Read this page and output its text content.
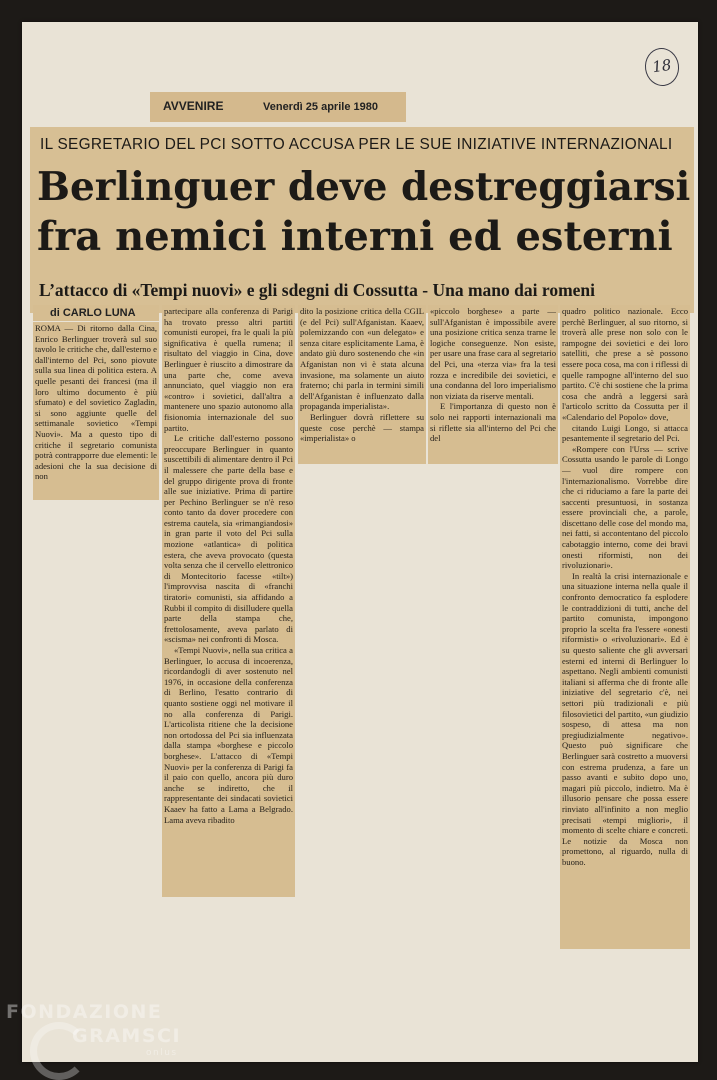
18
AVVENIRE	Venerdì 25 aprile 1980
IL SEGRETARIO DEL PCI SOTTO ACCUSA PER LE SUE INIZIATIVE INTERNAZIONALI
Berlinguer deve destreggiarsi
fra nemici interni ed esterni
L’attacco di «Tempi nuovi» e gli sdegni di Cossutta - Una mano dai romeni
di CARLO LUNA

ROMA — Di ritorno dalla Cina, Enrico Berlinguer troverà sul suo tavolo le critiche che, dall'esterno e dall'interno del Pci, sono piovute sulla sua linea di politica estera. A quelle pesanti dei francesi (ma il loro ultimo documento è più sfumato) e del sovietico Zagladin, si sono aggiunte quelle del settimanale sovietico «Tempi Nuovi». Ma a questo tipo di critiche il segretario comunista potrà contrapporre due elementi: le adesioni che la sua decisione di non

partecipare alla conferenza di Parigi ha trovato presso altri partiti comunisti europei, fra le quali la più significativa è quella rumena; il risultato del viaggio in Cina, dove Berlinguer è riuscito a dimostrare da una parte che, come aveva annunciato, quel viaggio non era «contro» i sovietici, dall'altra a mantenere uno spazio autonomo alla fisionomia internazionale del suo partito.

Le critiche dall'esterno possono preoccupare Berlinguer in quanto suscettibili di alimentare dentro il Pci il malessere che parte della base e del gruppo dirigente prova di fronte alle sue iniziative. Prima di partire per Pechino Berlinguer se n'è reso conto tanto da dover procedere con estrema cautela, sia «rimangiandosi» in gran parte il voto del Pci sulla mozione «atlantica» di politica estera, che aveva provocato (questa volta senza che il cervello elettronico di Montecitorio facesse «tilt») l'improvvisa nascita di «franchi tiratori» comunisti, sia affidando a Rubbi il compito di disilludere quella parte della stampa che, frettolosamente, aveva parlato di «scisma» nei confronti di Mosca.

«Tempi Nuovi», nella sua critica a Berlinguer, lo accusa di incoerenza, ricordandogli di aver sostenuto nel 1976, in occasione della conferenza di Berlino, l'esatto contrario di quanto sostiene oggi nel motivare il no alla conferenza di Parigi. L'articolista ritiene che la decisione non ortodossa del Pci sia influenzata dalla stampa «borghese e piccolo borghese». L'attacco di «Tempi Nuovi» per la conferenza di Parigi fa il paio con quello, ancora più duro anche se indiretto, che il rappresentante dei sindacati sovietici Kaaev ha fatto a Lama a Belgrado. Lama aveva ribadito

dito la posizione critica della CGIL (e del Pci) sull'Afganistan. Kaaev, polemizzando con «un delegato» e senza citare esplicitamente Lama, è andato giù duro sostenendo che «in Afganistan non vi è stata alcuna invasione, ma solamente un aiuto fraterno; chi parla in termini simili dell'Afganistan è influenzato dalla propaganda imperialista».

Berlinguer dovrà riflettere su queste cose perchè — stampa «imperialista» o

«piccolo borghese» a parte — sull'Afganistan è impossibile avere una posizione critica senza trarne le logiche conseguenze. Non esiste, per usare una frase cara al segretario del Pci, una «terza via» fra la tesi rozza e incredibile dei sovietici, e una condanna del loro imperialismo non viziata da riserve mentali.

E l'importanza di questo non è solo nei rapporti internazionali ma si riflette sia all'interno del Pci che del

quadro politico nazionale. Ecco perchè Berlinguer, al suo ritorno, si troverà alle prese non solo con le rampogne dei sovietici e dei loro satelliti, che prese a sè possono essere poca cosa, ma con i riflessi di quelle rampogne all'interno del suo partito. C'è chi sostiene che la prima cosa che andrà a leggersi sarà l'articolo scritto da Cossutta per il «Calendario del Popolo» dove,

citando Luigi Longo, si attacca pesantemente il segretario del Pci.

«Rompere con l'Urss — scrive Cossutta usando le parole di Longo — vuol dire rompere con l'internazionalismo. Vorrebbe dire che ci riduciamo a fare la parte dei saccenti presuntuosi, in sostanza essere provinciali che, a parole, discettano delle cose del mondo ma, nei fatti, si accontentano del piccolo cabotaggio interno, come dei bravi onesti riformisti, non dei rivoluzionari».

In realtà la crisi internazionale e una situazione interna nella quale il confronto democratico fa esplodere le contraddizioni di tutti, anche del partito comunista, impongono proprio la scelta fra l'essere «onesti riformisti» o «rivoluzionari». Ed è su questo saliente che gli avversari esterni ed interni di Berlinguer lo aspettano. Negli ambienti comunisti italiani si afferma che di fronte alle iniziative del segretario c'è, nei settori più tradizionali e più filosovietici del partito, «un giudizio sospeso, di attesa ma non pregiudizialmente negativo». Questo può significare che Berlinguer sarà costretto a muoversi con estrema prudenza, a fare un passo avanti e subito dopo uno, magari più piccolo, indietro. Ma è illusorio pensare che possa essere rinviato all'infinito a non meglio precisati «tempi migliori», il momento di scelte chiare e concreti. Le notizie da Mosca non promettono, al riguardo, nulla di buono.

FONDAZIONE
GRAMSCI
onlus
